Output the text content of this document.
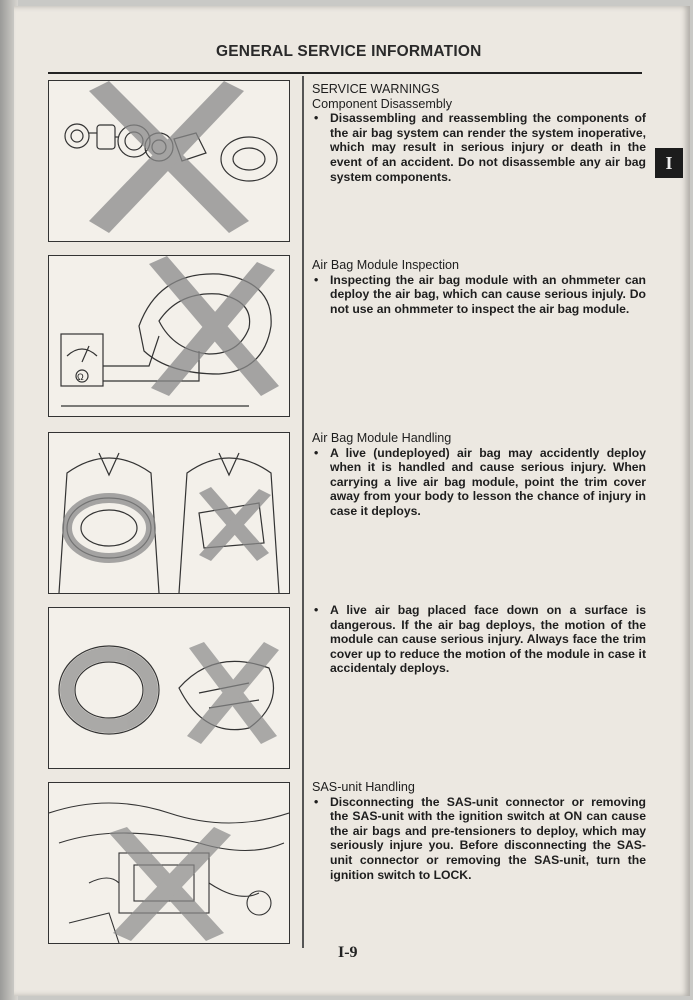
GENERAL SERVICE INFORMATION
I
Ω
SERVICE WARNINGS
Component Disassembly
• Disassembling and reassembling the components of the air bag system can render the system inoperative, which may result in serious injury or death in the event of an accident. Do not disassemble any air bag system components.
Air Bag Module Inspection
• Inspecting the air bag module with an ohmmeter can deploy the air bag, which can cause serious injuly. Do not use an ohmmeter to inspect the air bag module.
Air Bag Module Handling
• A live (undeployed) air bag may accidently deploy when it is handled and cause serious injury. When carrying a live air bag module, point the trim cover away from your body to lesson the chance of injury in case it deploys.
• A live air bag placed face down on a surface is dangerous. If the air bag deploys, the motion of the module can cause serious injury. Always face the trim cover up to reduce the motion of the module in case it accidentaly deploys.
SAS-unit Handling
• Disconnecting the SAS-unit connector or removing the SAS-unit with the ignition switch at ON can cause the air bags and pre-tensioners to deploy, which may seriously injure you. Before disconnecting the SAS-unit connector or removing the SAS-unit, turn the ignition switch to LOCK.
I-9
